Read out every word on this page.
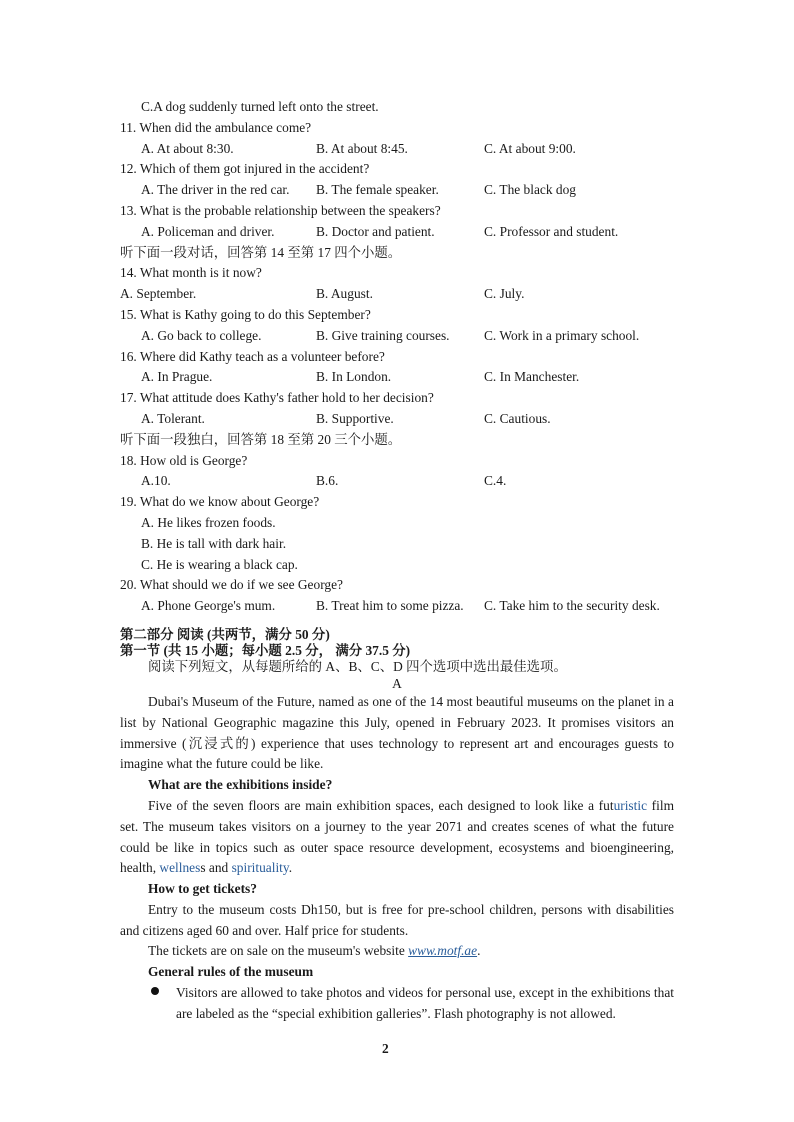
C.A dog suddenly turned left onto the street.
11. When did the ambulance come?
A. At about 8:30.	B. At about 8:45.	C. At about 9:00.
12. Which of them got injured in the accident?
A. The driver in the red car. B. The female speaker.	C. The black dog
13. What is the probable relationship between the speakers?
A. Policeman and driver.	B. Doctor and patient.	C. Professor and student.
听下面一段对话，回答第 14 至第 17 四个小题。
14. What month is it now?
A. September.	B. August.	C. July.
15. What is Kathy going to do this September?
A. Go back to college.	B. Give training courses.	C. Work in a primary school.
16. Where did Kathy teach as a volunteer before?
A. In Prague.	B. In London.	C. In Manchester.
17. What attitude does Kathy's father hold to her decision?
A. Tolerant.	B. Supportive.	C. Cautious.
听下面一段独白，回答第 18 至第 20 三个小题。
18. How old is George?
A.10.	B.6.	C.4.
19. What do we know about George?
A. He likes frozen foods.
B. He is tall with dark hair.
C. He is wearing a black cap.
20. What should we do if we see George?
A. Phone George's mum.	B. Treat him to some pizza. C. Take him to the security desk.
第二部分 阅读 (共两节，满分 50 分)
第一节 (共 15 小题；每小题 2.5 分， 满分 37.5 分)
阅读下列短文，从每题所给的 A、B、C、D 四个选项中选出最佳选项。
A

Dubai's Museum of the Future, named as one of the 14 most beautiful museums on the planet in a list by National Geographic magazine this July, opened in February 2023. It promises visitors an immersive (沉浸式的) experience that uses technology to represent art and encourages guests to imagine what the future could be like.

What are the exhibitions inside?

Five of the seven floors are main exhibition spaces, each designed to look like a futuristic film set. The museum takes visitors on a journey to the year 2071 and creates scenes of what the future could be like in topics such as outer space resource development, ecosystems and bioengineering, health, wellness and spirituality.

How to get tickets?

Entry to the museum costs Dh150, but is free for pre-school children, persons with disabilities and citizens aged 60 and over. Half price for students.

The tickets are on sale on the museum's website www.motf.ae.
General rules of the museum
Visitors are allowed to take photos and videos for personal use, except in the exhibitions that are labeled as the “special exhibition galleries”. Flash photography is not allowed.
2
